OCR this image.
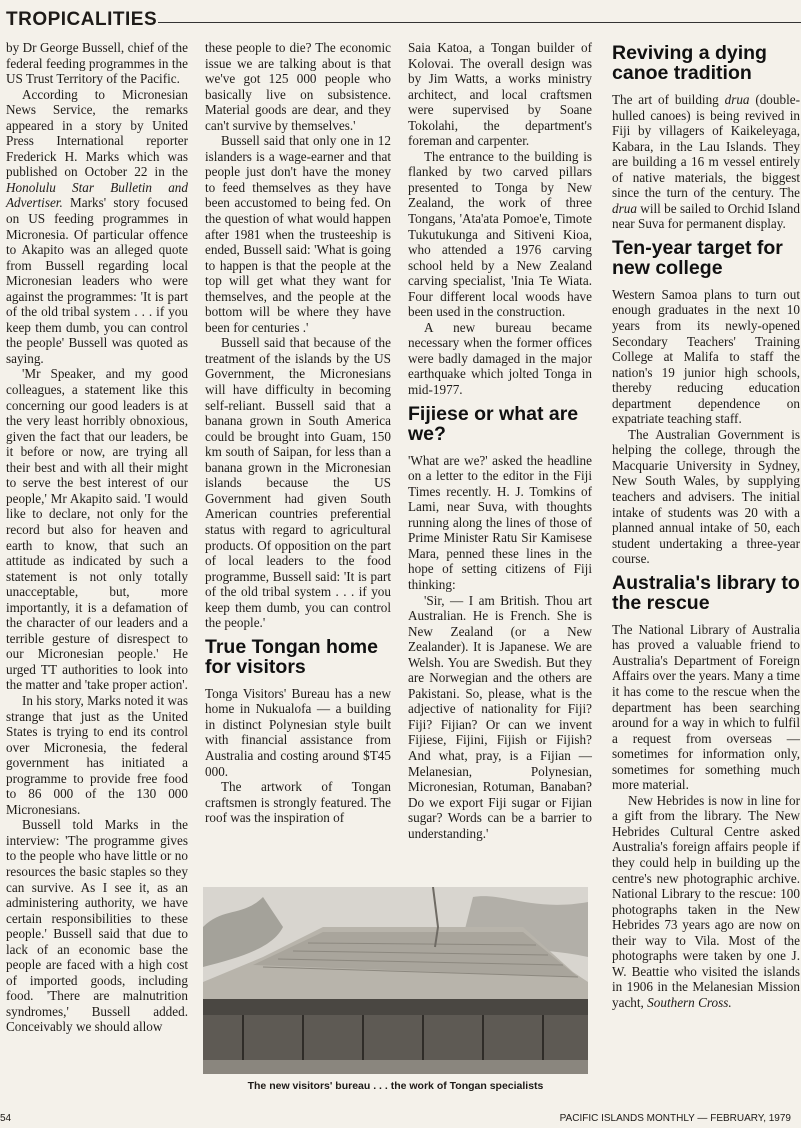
TROPICALITIES

by Dr George Bussell, chief of the federal feeding programmes in the US Trust Territory of the Pacific.

According to Micronesian News Service, the remarks appeared in a story by United Press International reporter Frederick H. Marks which was published on October 22 in the Honolulu Star Bulletin and Advertiser. Marks' story focused on US feeding programmes in Micronesia. Of particular offence to Akapito was an alleged quote from Bussell regarding local Micronesian leaders who were against the programmes: 'It is part of the old tribal system . . . if you keep them dumb, you can control the people' Bussell was quoted as saying.

'Mr Speaker, and my good colleagues, a statement like this concerning our good leaders is at the very least horribly obnoxious, given the fact that our leaders, be it before or now, are trying all their best and with all their might to serve the best interest of our people,' Mr Akapito said. 'I would like to declare, not only for the record but also for heaven and earth to know, that such an attitude as indicated by such a statement is not only totally unacceptable, but, more importantly, it is a defamation of the character of our leaders and a terrible gesture of disrespect to our Micronesian people.' He urged TT authorities to look into the matter and 'take proper action'.

In his story, Marks noted it was strange that just as the United States is trying to end its control over Micronesia, the federal government has initiated a programme to provide free food to 86 000 of the 130 000 Micronesians.

Bussell told Marks in the interview: 'The programme gives to the people who have little or no resources the basic staples so they can survive. As I see it, as an administering authority, we have certain responsibilities to these people.' Bussell said that due to lack of an economic base the people are faced with a high cost of imported goods, including food. 'There are malnutrition syndromes,' Bussell added. Conceivably we should allow

these people to die? The economic issue we are talking about is that we've got 125 000 people who basically live on subsistence. Material goods are dear, and they can't survive by themselves.'

Bussell said that only one in 12 islanders is a wage-earner and that people just don't have the money to feed themselves as they have been accustomed to being fed. On the question of what would happen after 1981 when the trusteeship is ended, Bussell said: 'What is going to happen is that the people at the top will get what they want for themselves, and the people at the bottom will be where they have been for centuries .'

Bussell said that because of the treatment of the islands by the US Government, the Micronesians will have difficulty in becoming self-reliant. Bussell said that a banana grown in South America could be brought into Guam, 150 km south of Saipan, for less than a banana grown in the Micronesian islands because the US Government had given South American countries preferential status with regard to agricultural products. Of opposition on the part of local leaders to the food programme, Bussell said: 'It is part of the old tribal system . . . if you keep them dumb, you can control the people.'

True Tongan home for visitors

Tonga Visitors' Bureau has a new home in Nukualofa — a building in distinct Polynesian style built with financial assistance from Australia and costing around $T45 000.

The artwork of Tongan craftsmen is strongly featured. The roof was the inspiration of

Saia Katoa, a Tongan builder of Kolovai. The overall design was by Jim Watts, a works ministry architect, and local craftsmen were supervised by Soane Tokolahi, the department's foreman and carpenter.

The entrance to the building is flanked by two carved pillars presented to Tonga by New Zealand, the work of three Tongans, 'Ata'ata Pomoe'e, Timote Tukutukunga and Sitiveni Kioa, who attended a 1976 carving school held by a New Zealand carving specialist, 'Inia Te Wiata. Four different local woods have been used in the construction.

A new bureau became necessary when the former offices were badly damaged in the major earthquake which jolted Tonga in mid-1977.

Fijiese or what are we?

'What are we?' asked the headline on a letter to the editor in the Fiji Times recently. H. J. Tomkins of Lami, near Suva, with thoughts running along the lines of those of Prime Minister Ratu Sir Kamisese Mara, penned these lines in the hope of setting citizens of Fiji thinking:

'Sir, — I am British. Thou art Australian. He is French. She is New Zealand (or a New Zealander). It is Japanese. We are Welsh. You are Swedish. But they are Norwegian and the others are Pakistani. So, please, what is the adjective of nationality for Fiji? Fiji? Fijian? Or can we invent Fijiese, Fijini, Fijish or Fijish? And what, pray, is a Fijian — Melanesian, Polynesian, Micronesian, Rotuman, Banaban? Do we export Fiji sugar or Fijian sugar? Words can be a barrier to understanding.'

Reviving a dying canoe tradition

The art of building drua (double-hulled canoes) is being revived in Fiji by villagers of Kaikeleyaga, Kabara, in the Lau Islands. They are building a 16 m vessel entirely of native materials, the biggest since the turn of the century. The drua will be sailed to Orchid Island near Suva for permanent display.

Ten-year target for new college

Western Samoa plans to turn out enough graduates in the next 10 years from its newly-opened Secondary Teachers' Training College at Malifa to staff the nation's 19 junior high schools, thereby reducing education department dependence on expatriate teaching staff.

The Australian Government is helping the college, through the Macquarie University in Sydney, New South Wales, by supplying teachers and advisers. The initial intake of students was 20 with a planned annual intake of 50, each student undertaking a three-year course.

Australia's library to the rescue

The National Library of Australia has proved a valuable friend to Australia's Department of Foreign Affairs over the years. Many a time it has come to the rescue when the department has been searching around for a way in which to fulfil a request from overseas — sometimes for information only, sometimes for something much more material.

New Hebrides is now in line for a gift from the library. The New Hebrides Cultural Centre asked Australia's foreign affairs people if they could help in building up the centre's new photographic archive. National Library to the rescue: 100 photographs taken in the New Hebrides 73 years ago are now on their way to Vila. Most of the photographs were taken by one J. W. Beattie who visited the islands in 1906 in the Melanesian Mission yacht, Southern Cross.

The new visitors' bureau . . . the work of Tongan specialists
54	PACIFIC ISLANDS MONTHLY — FEBRUARY, 1979
